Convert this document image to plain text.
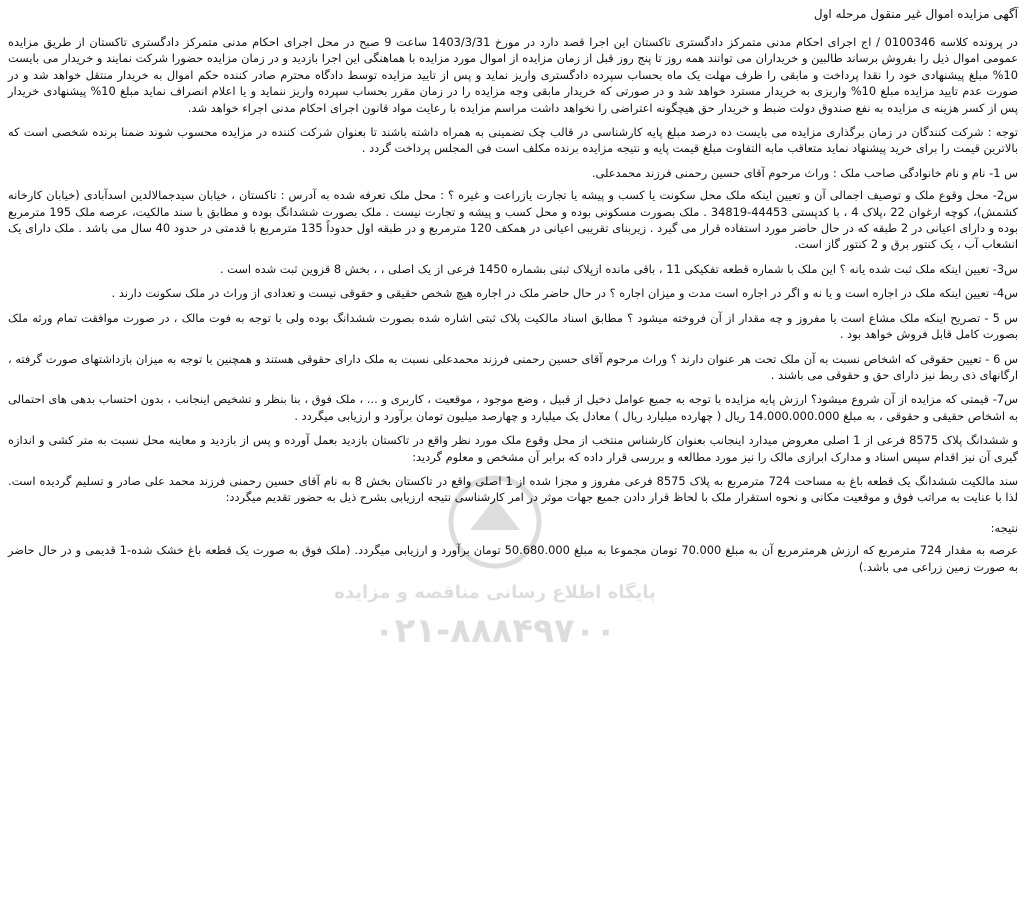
آگهی مزایده اموال غیر منقول مرحله اول

در پرونده کلاسه 0100346 / اج اجرای احکام مدنی متمرکز دادگستری تاکستان این اجرا قصد دارد در مورخ 1403/3/31 ساعت 9 صبح در محل اجرای احکام مدنی متمرکز دادگستری تاکستان از طریق مزایده عمومی اموال ذیل را بفروش برساند طالبین و خریداران می توانند همه روز تا پنج روز قبل از زمان مزایده از اموال مورد مزایده با هماهنگی این اجرا بازدید و در زمان مزایده حضورا شرکت نمایند و خریدار می بایست 10% مبلغ پیشنهادی خود را نقدا پرداخت و مابقی را ظرف مهلت یک ماه بحساب سپرده دادگستری واریز نماید و پس از تایید مزایده توسط دادگاه محترم صادر کننده حکم اموال به خریدار منتقل خواهد شد و در صورت عدم تایید مزایده مبلغ 10% واریزی به خریدار مسترد خواهد شد و در صورتی که خریدار مابقی وجه مزایده را در زمان مقرر بحساب سپرده واریز ننماید و یا اعلام انصراف نماید مبلغ 10% پیشنهادی خریدار پس از کسر هزینه ی مزایده به نفع صندوق دولت ضبط و خریدار حق هیچگونه اعتراضی را نخواهد داشت مراسم مزایده با رعایت مواد قانون اجرای احکام مدنی اجراء خواهد شد.

توجه : شرکت کنندگان در زمان برگذاری مزایده می بایست ده درصد مبلغ پایه کارشناسی در قالب چک تضمینی به همراه داشته باشند تا بعنوان شرکت کننده در مزایده محسوب شوند ضمنا برنده شخصی است که بالاترین قیمت را برای خرید پیشنهاد نماید متعاقب مابه التفاوت مبلغ قیمت پایه و نتیجه مزایده برنده مکلف است فی المجلس پرداخت گردد .

س 1- نام و نام خانوادگی صاحب ملک : وراث مرحوم آقای حسین رحمنی فرزند محمدعلی.

س2- محل وقوع ملک و توصیف اجمالی آن و تعیین اینکه ملک محل سکونت یا کسب و پیشه یا تجارت یازراعت و غیره ؟ : محل ملک تعرفه شده به آدرس : تاکستان ، خیابان سیدجمالالدین اسدآبادی (خیابان کارخانه کشمش)، کوچه ارغوان 22 ،پلاک 4 ، با کدپستی 44453-34819 . ملک بصورت مسکونی بوده و محل کسب و پیشه و تجارت نیست . ملک بصورت ششدانگ بوده و مطابق با سند مالکیت، عرصه ملک 195 مترمربع بوده و دارای اعیانی در 2 طبقه که در حال حاضر مورد استفاده قرار می گیرد . زیربنای تقریبی اعیانی در همکف 120 مترمربع و در طبقه اول حدوداً 135 مترمربع با قدمتی در حدود 40 سال می باشد . ملک دارای یک انشعاب آب ، یک کنتور برق و 2 کنتور گاز است.

س3- تعیین اینکه ملک ثبت شده یانه ؟ این ملک با شماره قطعه تفکیکی 11 ، باقی مانده ازپلاک ثبتی بشماره 1450 فرعی از یک اصلی ، ، بخش 8 قزوین ثبت شده است .

س4- تعیین اینکه ملک در اجاره است و یا نه و اگر در اجاره است مدت و میزان اجاره ؟ در حال حاضر ملک در اجاره هیچ شخص حقیقی و حقوقی نیست و تعدادی از وراث در ملک سکونت دارند .

س 5 - تصریح اینکه ملک مشاع است یا مفروز و چه مقدار از آن فروخته میشود ؟ مطابق اسناد مالکیت پلاک ثبتی اشاره شده بصورت ششدانگ بوده ولی با توجه به فوت مالک ، در صورت موافقت تمام ورثه ملک بصورت کامل قابل فروش خواهد بود .

س 6 - تعیین حقوقی که اشخاص نسبت به آن ملک تحت هر عنوان دارند ؟ وراث مرحوم آقای حسین رحمنی فرزند محمدعلی نسبت به ملک دارای حقوقی هستند و همچنین با توجه به میزان بازداشتهای صورت گرفته ، ارگانهای ذی ربط نیز دارای حق و حقوقی می باشند .

س7- قیمتی که مزایده از آن شروع میشود؟ ارزش پایه مزایده با توجه به جمیع عوامل دخیل از قبیل ، وضع موجود ، موقعیت ، کاربری و ... ، ملک فوق ، بنا بنظر و تشخیص اینجانب ، بدون احتساب بدهی های احتمالی به اشخاص حقیقی و حقوقی ، به مبلغ 14.000.000.000 ریال ( چهارده میلیارد ریال ) معادل یک میلیارد و چهارصد میلیون تومان برآورد و ارزیابی میگردد .

و ششدانگ پلاک 8575 فرعی از 1 اصلی معروض میدارد اینجانب بعنوان کارشناس منتخب از محل وقوع ملک مورد نظر واقع در تاکستان بازدید بعمل آورده و پس از بازدید و معاینه محل نسبت به متر کشی و اندازه گیری آن نیز اقدام سپس اسناد و مدارک ابرازی مالک را نیز مورد مطالعه و بررسی قرار داده که برابر آن مشخص و معلوم گردید:

سند مالکیت ششدانگ یک قطعه باغ به مساحت 724 مترمربع به پلاک 8575 فرعی مفروز و مجزا شده از 1 اصلی واقع در تاکستان بخش 8 به نام آقای حسین رحمنی فرزند محمد علی صادر و تسلیم گردیده است. لذا با عنایت به مراتب فوق و موقعیت مکانی و نحوه استقرار ملک با لحاظ قرار دادن جمیع جهات موثر در امر کارشناسی نتیجه ارزیابی بشرح ذیل به حضور تقدیم میگردد:

نتیجه:

عرصه به مقدار 724 مترمربع که ارزش هرمترمربع آن به مبلغ 70.000 تومان مجموعا به مبلغ 50.680.000 تومان برآورد و ارزیابی میگردد. (ملک فوق به صورت یک قطعه باغ خشک شده-1 قدیمی و در حال حاضر به صورت زمین زراعی می باشد.)

پایگاه اطلاع رسانی مناقصه و مزایده
۰۲۱-۸۸۸۴۹۷۰۰
